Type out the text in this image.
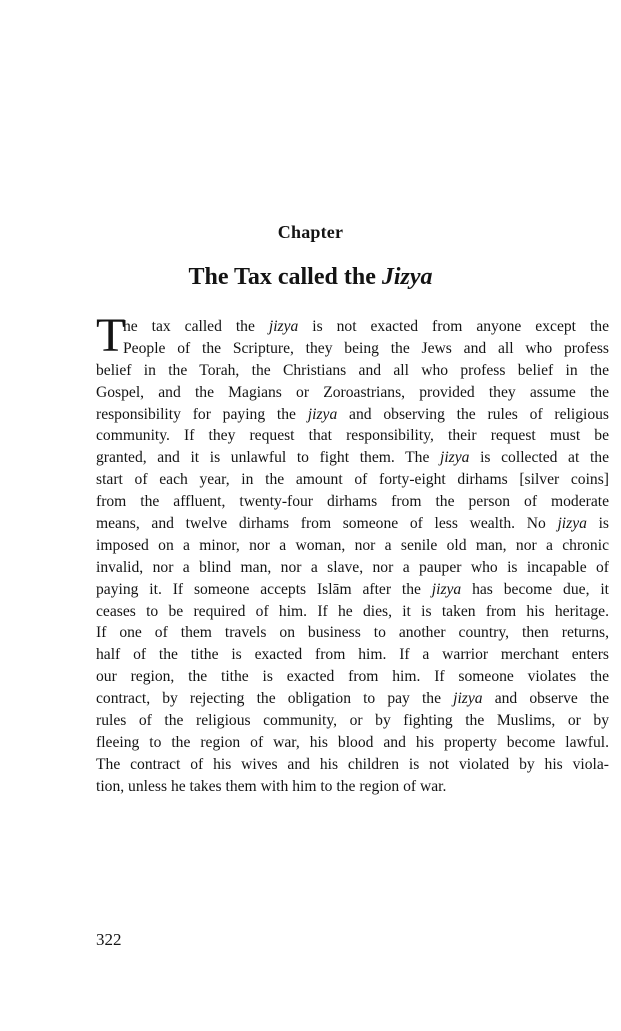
Chapter
The Tax called the Jizya
T
he tax called the jizya is not exacted from anyone except the
People of the Scripture, they being the Jews and all who profess
belief in the Torah, the Christians and all who profess belief in the
Gospel, and the Magians or Zoroastrians, provided they assume the
responsibility for paying the jizya and observing the rules of religious
community. If they request that responsibility, their request must be
granted, and it is unlawful to fight them. The jizya is collected at the
start of each year, in the amount of forty-eight dirhams [silver coins]
from the affluent, twenty-four dirhams from the person of moderate
means, and twelve dirhams from someone of less wealth. No jizya is
imposed on a minor, nor a woman, nor a senile old man, nor a chronic
invalid, nor a blind man, nor a slave, nor a pauper who is incapable of
paying it. If someone accepts Islām after the jizya has become due, it
ceases to be required of him. If he dies, it is taken from his heritage.
If one of them travels on business to another country, then returns,
half of the tithe is exacted from him. If a warrior merchant enters
our region, the tithe is exacted from him. If someone violates the
contract, by rejecting the obligation to pay the jizya and observe the
rules of the religious community, or by fighting the Muslims, or by
fleeing to the region of war, his blood and his property become lawful.
The contract of his wives and his children is not violated by his viola-
tion, unless he takes them with him to the region of war.
322
